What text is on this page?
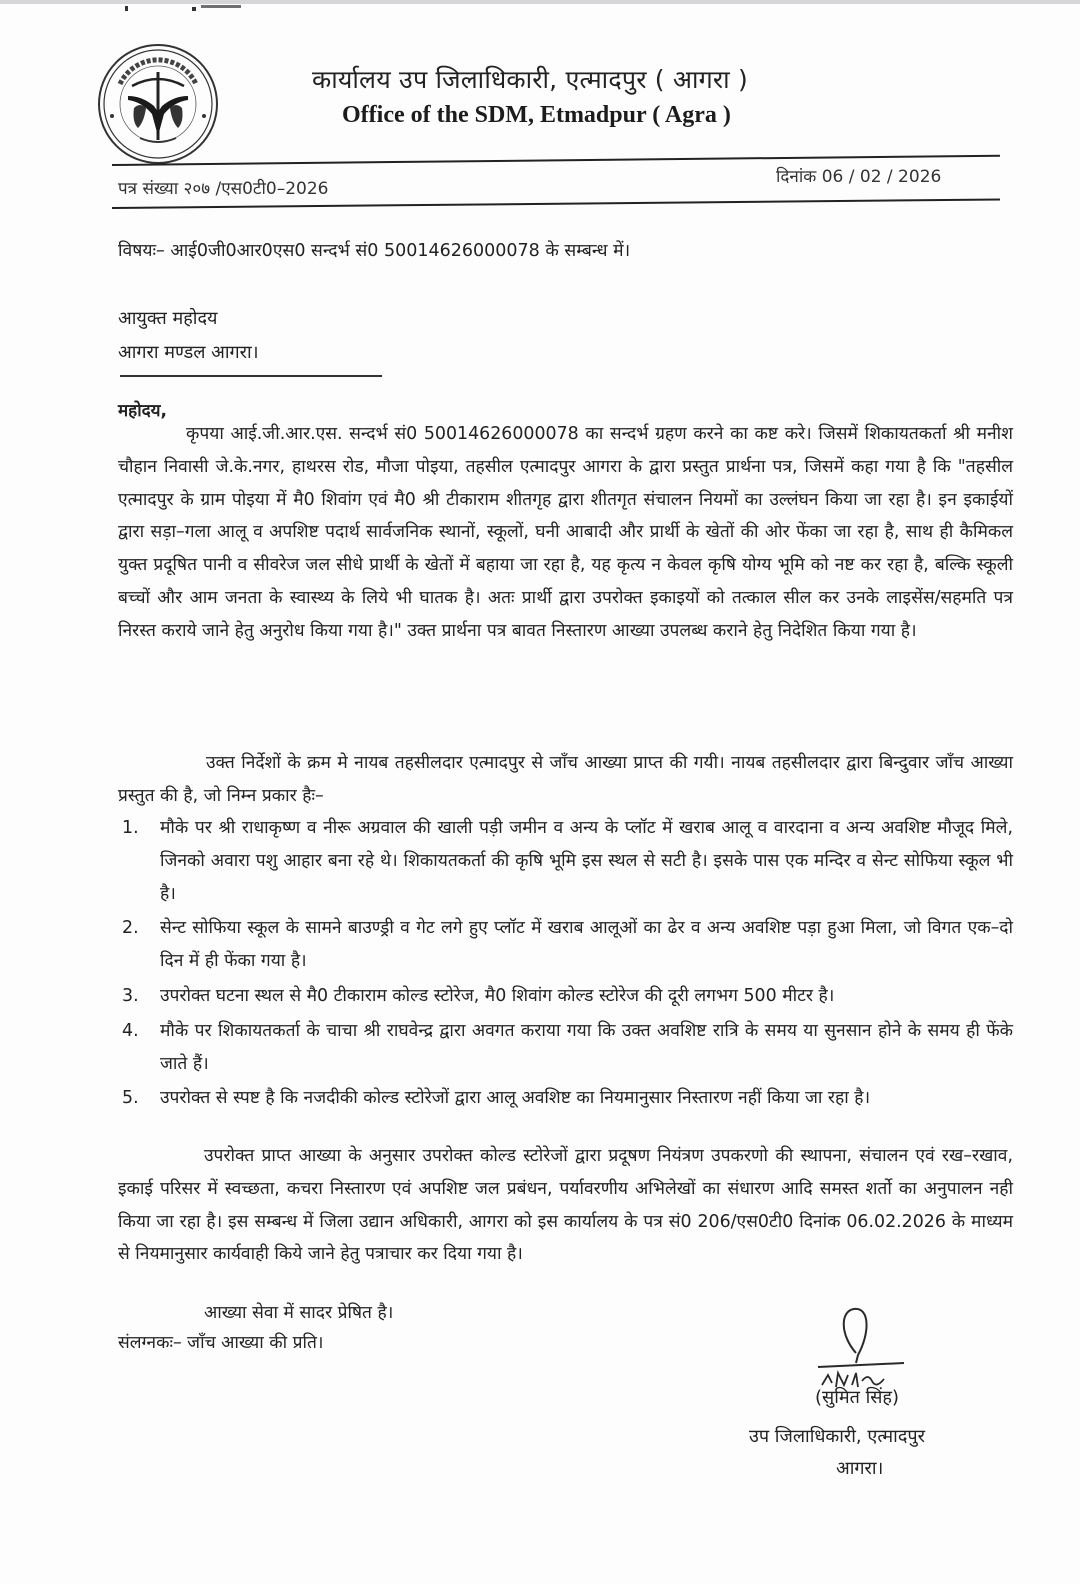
कार्यालय उप जिलाधिकारी, एत्मादपुर ( आगरा )
Office of the SDM, Etmadpur ( Agra )
पत्र संख्या २०७ /एस0टी0–2026
दिनांक 06 / 02 / 2026
विषयः– आई0जी0आर0एस0 सन्दर्भ सं0 50014626000078 के सम्बन्ध में।
आयुक्त महोदय
आगरा मण्डल आगरा।
महोदय,
कृपया आई.जी.आर.एस. सन्दर्भ सं0 50014626000078 का सन्दर्भ ग्रहण करने का कष्ट करे। जिसमें शिकायतकर्ता श्री मनीश चौहान निवासी जे.के.नगर, हाथरस रोड, मौजा पोइया, तहसील एत्मादपुर आगरा के द्वारा प्रस्तुत प्रार्थना पत्र, जिसमें कहा गया है कि "तहसील एत्मादपुर के ग्राम पोइया में मै0 शिवांग एवं मै0 श्री टीकाराम शीतगृह द्वारा शीतगृत संचालन नियमों का उल्लंघन किया जा रहा है। इन इकाईयों द्वारा सड़ा–गला आलू व अपशिष्ट पदार्थ सार्वजनिक स्थानों, स्कूलों, घनी आबादी और प्रार्थी के खेतों की ओर फेंका जा रहा है, साथ ही कैमिकल युक्त प्रदूषित पानी व सीवरेज जल सीधे प्रार्थी के खेतों में बहाया जा रहा है, यह कृत्य न केवल कृषि योग्य भूमि को नष्ट कर रहा है, बल्कि स्कूली बच्चों और आम जनता के स्वास्थ्य के लिये भी घातक है। अतः प्रार्थी द्वारा उपरोक्त इकाइयों को तत्काल सील कर उनके लाइसेंस/सहमति पत्र निरस्त कराये जाने हेतु अनुरोध किया गया है।" उक्त प्रार्थना पत्र बावत निस्तारण आख्या उपलब्ध कराने हेतु निदेशित किया गया है।
उक्त निर्देशों के क्रम मे नायब तहसीलदार एत्मादपुर से जाँच आख्या प्राप्त की गयी। नायब तहसीलदार द्वारा बिन्दुवार जाँच आख्या प्रस्तुत की है, जो निम्न प्रकार हैः–
1.	मौके पर श्री राधाकृष्ण व नीरू अग्रवाल की खाली पड़ी जमीन व अन्य के प्लॉट में खराब आलू व वारदाना व अन्य अवशिष्ट मौजूद मिले, जिनको अवारा पशु आहार बना रहे थे। शिकायतकर्ता की कृषि भूमि इस स्थल से सटी है। इसके पास एक मन्दिर व सेन्ट सोफिया स्कूल भी है।
2.	सेन्ट सोफिया स्कूल के सामने बाउण्ड्री व गेट लगे हुए प्लॉट में खराब आलूओं का ढेर व अन्य अवशिष्ट पड़ा हुआ मिला, जो विगत एक–दो दिन में ही फेंका गया है।
3.	उपरोक्त घटना स्थल से मै0 टीकाराम कोल्ड स्टोरेज, मै0 शिवांग कोल्ड स्टोरेज की दूरी लगभग 500 मीटर है।
4.	मौके पर शिकायतकर्ता के चाचा श्री राघवेन्द्र द्वारा अवगत कराया गया कि उक्त अवशिष्ट रात्रि के समय या सुनसान होने के समय ही फेंके जाते हैं।
5.	उपरोक्त से स्पष्ट है कि नजदीकी कोल्ड स्टोरेजों द्वारा आलू अवशिष्ट का नियमानुसार निस्तारण नहीं किया जा रहा है।
उपरोक्त प्राप्त आख्या के अनुसार उपरोक्त कोल्ड स्टोरेजों द्वारा प्रदूषण नियंत्रण उपकरणो की स्थापना, संचालन एवं रख–रखाव, इकाई परिसर में स्वच्छता, कचरा निस्तारण एवं अपशिष्ट जल प्रबंधन, पर्यावरणीय अभिलेखों का संधारण आदि समस्त शर्तो का अनुपालन नही किया जा रहा है। इस सम्बन्ध में जिला उद्यान अधिकारी, आगरा को इस कार्यालय के पत्र सं0 206/एस0टी0 दिनांक 06.02.2026 के माध्यम से नियमानुसार कार्यवाही किये जाने हेतु पत्राचार कर दिया गया है।
आख्या सेवा में सादर प्रेषित है।
संलग्नकः– जाँच आख्या की प्रति।
(सुमित सिंह)
उप जिलाधिकारी, एत्मादपुर
आगरा।
